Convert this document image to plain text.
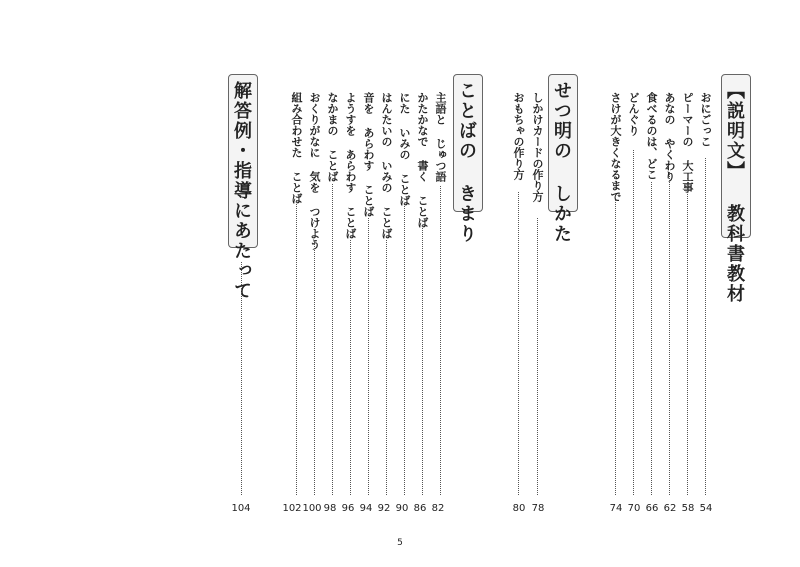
【説明文】 教科書教材
おにごっこ
54
ピーマーの 大工事
58
あなの やくわり
62
食べるのは、どこ
66
どんぐり
70
さけが大きくなるまで
74
せつ明の しかた
しかけカードの作り方
78
おもちゃの作り方
80
ことばの きまり
主語と じゅつ語
82
かたかなで 書く ことば
86
にた いみの ことば
90
はんたいの いみの ことば
92
音を あらわす ことば
94
ようすを あらわす ことば
96
なかまの ことば
98
おくりがなに 気を つけよう
100
組み合わせた ことば
102
解答例・指導にあたって
104
5
